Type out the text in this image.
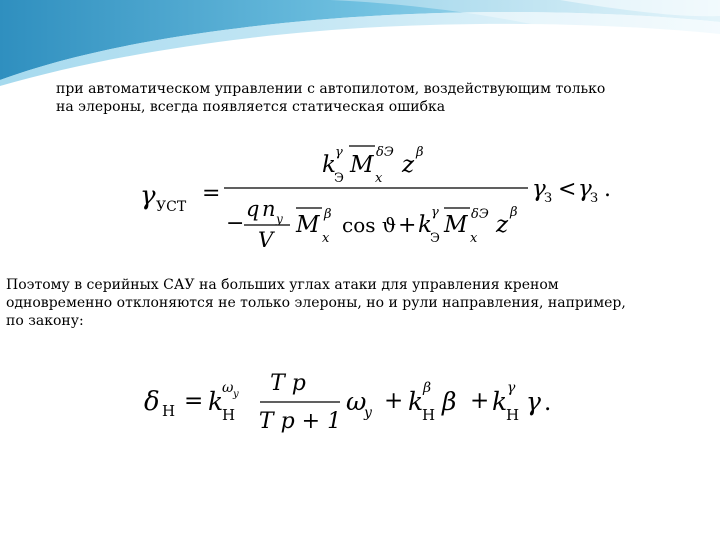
при автоматическом управлении с автопилотом, воздействующим только
на элероны, всегда появляется статическая ошибка

γ УСТ
=
k γ
Э
M δЭ
x
z β
−
q n y
V
M β
x
cos ϑ + k γ
Э
M δЭ
x
z β
γ
З < γ
З .

Поэтому в серийных САУ на больших углах атаки для управления креном
одновременно отклоняются не только элероны, но и рули направления, например,
по закону:

δ Н = k
ω y
Н
T p
T p + 1
ω
y + k β
Н β + k γ
Н γ .
